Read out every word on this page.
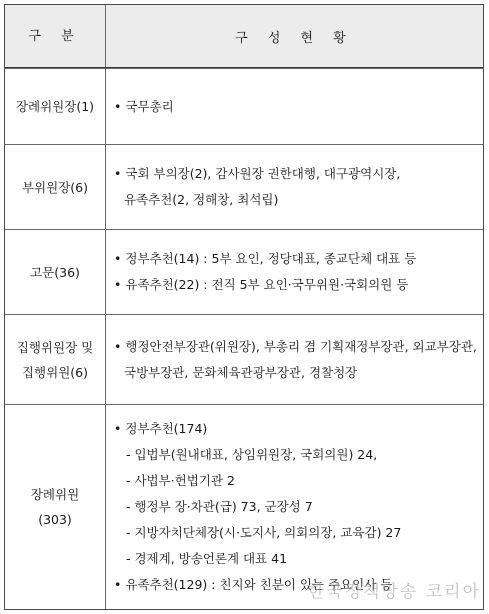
구 분	구 성 현 황
장례위원장(1) • 국무총리
부위원장(6)
• 국회 부의장(2), 감사원장 권한대행, 대구광역시장,
유족추천(2, 정해창, 최석립)
고문(36)
• 정부추천(14) : 5부 요인, 정당대표, 종교단체 대표 등
• 유족추천(22) : 전직 5부 요인·국무위원·국회의원 등
집행위원장 및
집행위원(6)
• 행정안전부장관(위원장), 부총리 겸 기획재정부장관, 외교부장관,
국방부장관, 문화체육관광부장관, 경찰청장
장례위원
(303)
• 정부추천(174)
- 입법부(원내대표, 상임위원장, 국회의원) 24,
- 사법부·헌법기관 2
- 행정부 장·차관(급) 73, 군장성 7
- 지방자치단체장(시·도지사, 의회의장, 교육감) 27
- 경제계, 방송언론계 대표 41
• 유족추천(129) : 친지와 친분이 있는 주요인사 등
한국정책방송 코리아
